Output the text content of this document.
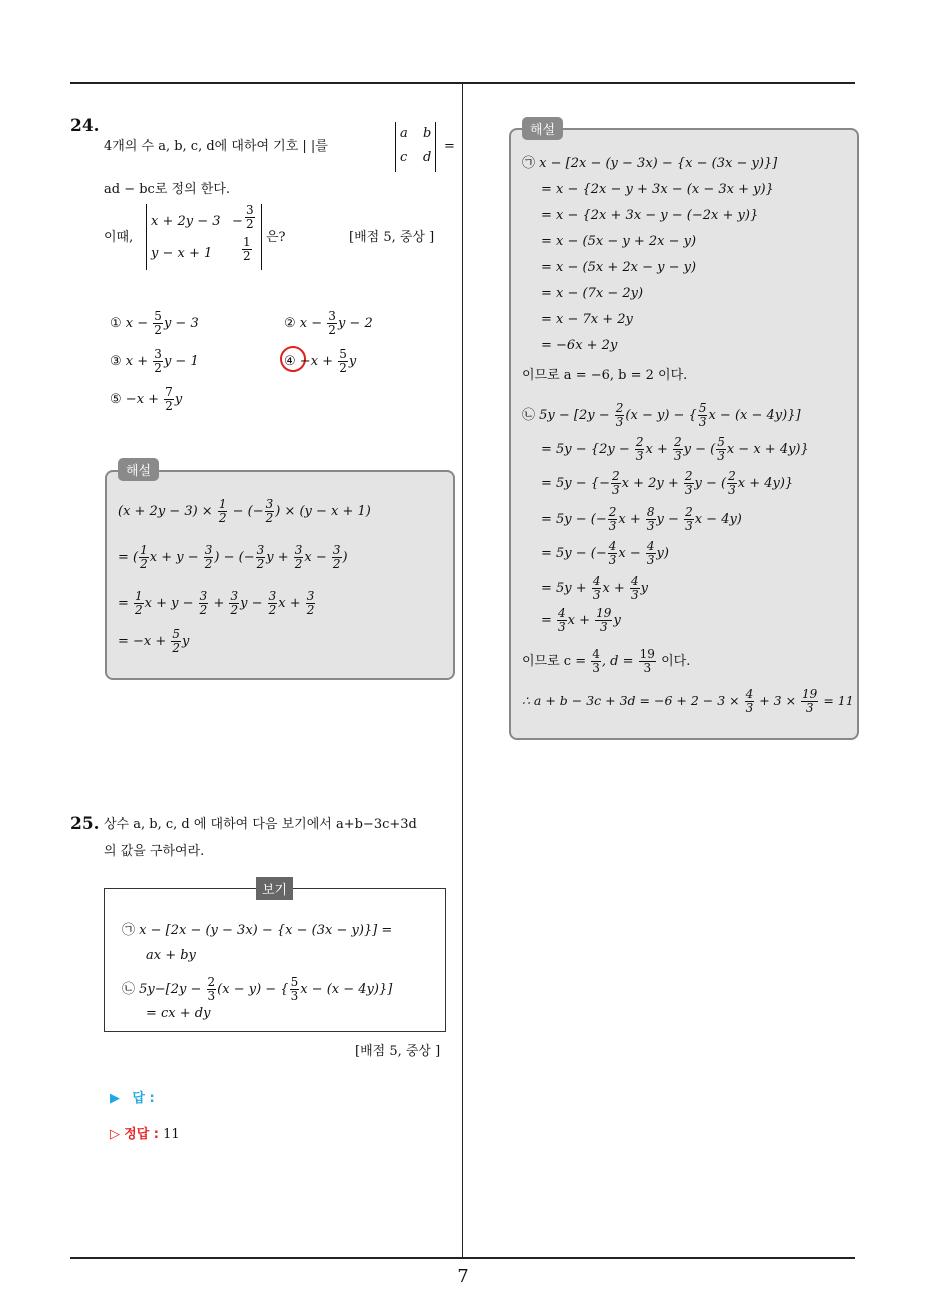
7
24.
4개의 수 a, b, c, d에 대하여 기호 | |를
a b
c d
=
ad − bc로 정의 한다.
이때,
$x + 2y - 3 - \frac{3}{2}$
$y - x + 1 \frac{1}{2}$ 은?	[배점 5, 중상 ]
① $x - \frac{5}{2}$ y − 3	② $x - \frac{3}{2}$ y − 2
③ $x + \frac{3}{2}$ y − 1	④ $-x + \frac{5}{2}$ y
⑤ $-x + \frac{7}{2}$ y
해설
$(x + 2y - 3) \times \frac{1}{2}$ − (− $\frac{3}{2}$ ) × (y − x + 1)
= ( $\frac{1}{2}$ $x + y - \frac{3}{2}$ ) − (− $\frac{3}{2}$ $y + \frac{3}{2}$ $x - \frac{3}{2}$ )
= $\frac{1}{2}$ $x + y - \frac{3}{2} + \frac{3}{2}$ $y - \frac{3}{2}$ $x + \frac{3}{2}$
= $-x + \frac{5}{2}$ y
25. 상수 a, b, c, d 에 대하여 다음 보기에서 a+b−3c+3d
의 값을 구하여라.
보기
㉠ x − [2x − (y − 3x) − {x − (3x − y)}] =
ax + by
㉡ $5y-[2y - \frac{2}{3} (x - y)$ − { $\frac{5}{3}$ x − (x − 4y)}]
= cx + dy
[배점 5, 중상 ]
▶ 답 :
▷ 정답 : 11
해설
㉠ x − [2x − (y − 3x) − {x − (3x − y)}]
= x − {2x − y + 3x − (x − 3x + y)}
= x − {2x + 3x − y − (−2x + y)}
= x − (5x − y + 2x − y)
= x − (5x + 2x − y − y)
= x − (7x − 2y)
= x − 7x + 2y
= −6x + 2y
이므로 a = −6, b = 2 이다.
㉡ $5y - [2y - \frac{2}{3} (x - y)$ − { $\frac{5}{3}$ x − (x − 4y)}]
= $5y - \{2y - \frac{2}{3}$ $x + \frac{2}{3}$ y − ( $\frac{5}{3}$ x − x + 4y)}
= 5y − {− $\frac{2}{3}$ $x + 2y + \frac{2}{3}$ y − ( $\frac{2}{3}$ x + 4y)}
= 5y − (− $\frac{2}{3}$ $x + \frac{8}{3}$ $y - \frac{2}{3}$ x − 4y)
= 5y − (− $\frac{4}{3}$ $x - \frac{4}{3} y$)
= $5y + \frac{4}{3}$ $x + \frac{4}{3}$ y
= $\frac{4}{3}$ $x + \frac{19}{3}$ y
이므로 $c = \frac{4}{3}$ , $d = \frac{19}{3}$ 이다.
∴ $a + b - 3c + 3d = -6 + 2 - 3 \times \frac{4}{3} + 3 \times \frac{19}{3} = 11$
